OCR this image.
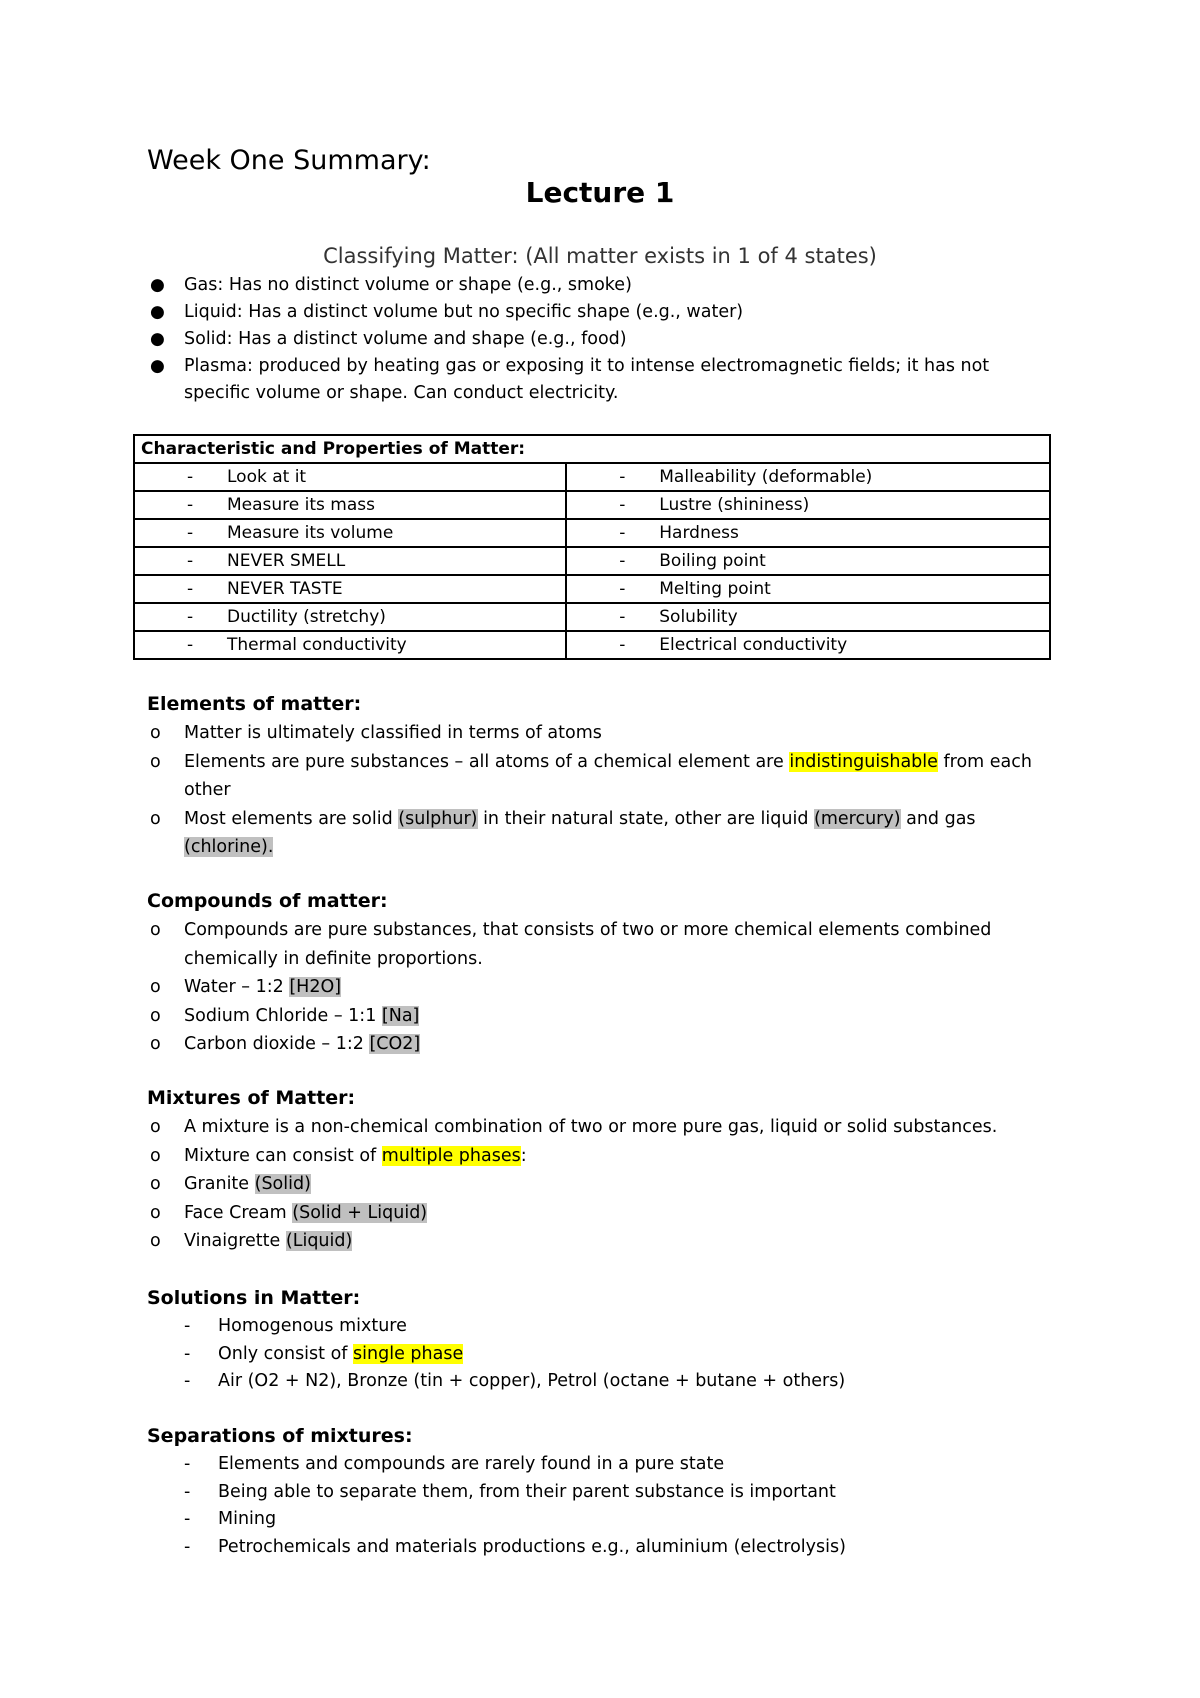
Week One Summary:
Lecture 1
Classifying Matter: (All matter exists in 1 of 4 states)
● Gas: Has no distinct volume or shape (e.g., smoke)
● Liquid: Has a distinct volume but no specific shape (e.g., water)
● Solid: Has a distinct volume and shape (e.g., food)
● Plasma: produced by heating gas or exposing it to intense electromagnetic fields; it has not specific volume or shape. Can conduct electricity.
Characteristic and Properties of Matter:	
- Look at it	- Malleability (deformable)
- Measure its mass	- Lustre (shininess)
- Measure its volume	- Hardness
- NEVER SMELL	- Boiling point
- NEVER TASTE	- Melting point
- Ductility (stretchy)	- Solubility
- Thermal conductivity	- Electrical conductivity
Elements of matter:
o Matter is ultimately classified in terms of atoms
o Elements are pure substances – all atoms of a chemical element are indistinguishable from each other
o Most elements are solid (sulphur) in their natural state, other are liquid (mercury) and gas (chlorine).
Compounds of matter:
o Compounds are pure substances, that consists of two or more chemical elements combined chemically in definite proportions.
o Water – 1:2 [H2O]
o Sodium Chloride – 1:1 [Na]
o Carbon dioxide – 1:2 [CO2]
Mixtures of Matter:
o A mixture is a non-chemical combination of two or more pure gas, liquid or solid substances.
o Mixture can consist of multiple phases:
o Granite (Solid)
o Face Cream (Solid + Liquid)
o Vinaigrette (Liquid)
Solutions in Matter:
- Homogenous mixture
- Only consist of single phase
- Air (O2 + N2), Bronze (tin + copper), Petrol (octane + butane + others)
Separations of mixtures:
- Elements and compounds are rarely found in a pure state
- Being able to separate them, from their parent substance is important
- Mining
- Petrochemicals and materials productions e.g., aluminium (electrolysis)
